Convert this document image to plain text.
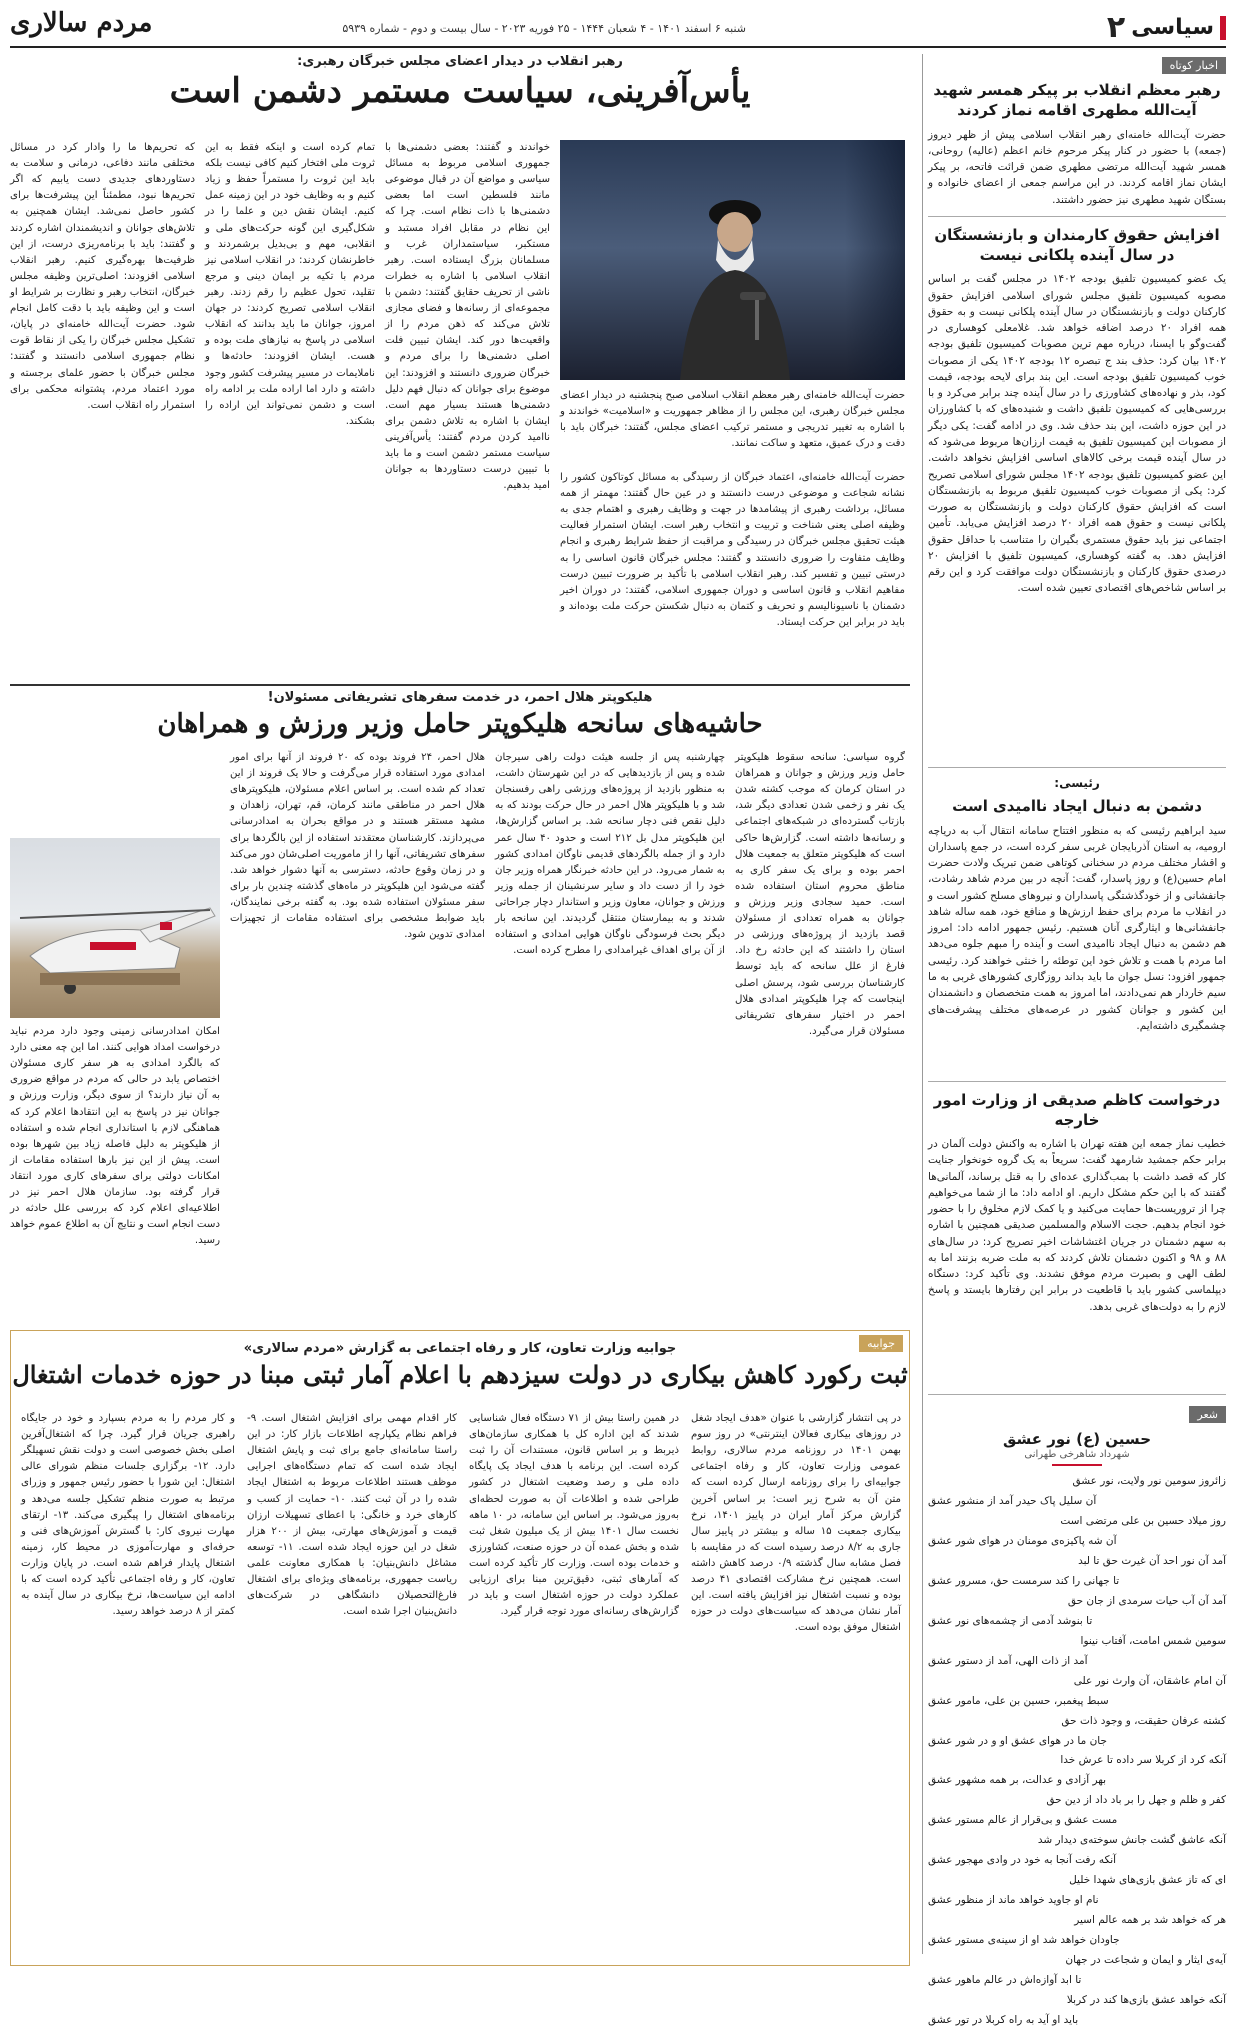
سیاسی
۲
شنبه ۶ اسفند ۱۴۰۱ - ۴ شعبان ۱۴۴۴ - ۲۵ فوریه ۲۰۲۳ - سال بیست و دوم - شماره ۵۹۳۹
مردم سالاری
اخبار کوتاه
رهبر معظم انقلاب بر پیکر همسر شهید آیت‌الله مطهری اقامه نماز کردند
حضرت آیت‌الله خامنه‌ای رهبر انقلاب اسلامی پیش از ظهر دیروز (جمعه) با حضور در کنار پیکر مرحوم خانم اعظم (عالیه) روحانی، همسر شهید آیت‌الله مرتضی مطهری ضمن قرائت فاتحه، بر پیکر ایشان نماز اقامه کردند. در این مراسم جمعی از اعضای خانواده و بستگان شهید مطهری نیز حضور داشتند.
افزایش حقوق کارمندان و بازنشستگان در سال آینده پلکانی نیست
یک عضو کمیسیون تلفیق بودجه ۱۴۰۲ در مجلس گفت بر اساس مصوبه کمیسیون تلفیق مجلس شورای اسلامی افزایش حقوق کارکنان دولت و بازنشستگان در سال آینده پلکانی نیست و به حقوق همه افراد ۲۰ درصد اضافه خواهد شد. غلامعلی کوهساری در گفت‌وگو با ایسنا، درباره مهم ترین مصوبات کمیسیون تلفیق بودجه ۱۴۰۲ بیان کرد: حذف بند ج تبصره ۱۲ بودجه ۱۴۰۲ یکی از مصوبات خوب کمیسیون تلفیق بودجه است. این بند برای لایحه بودجه، قیمت کود، بذر و نهاده‌های کشاورزی را در سال آینده چند برابر می‌کرد و با بررسی‌هایی که کمیسیون تلفیق داشت و شنیده‌های که با کشاورزان در این حوزه داشت، این بند حذف شد. وی در ادامه گفت: یکی دیگر از مصوبات این کمیسیون تلفیق به قیمت ارزان‌ها مربوط می‌شود که در سال آینده قیمت برخی کالاهای اساسی افزایش نخواهد داشت. این عضو کمیسیون تلفیق بودجه ۱۴۰۲ مجلس شورای اسلامی تصریح کرد: یکی از مصوبات خوب کمیسیون تلفیق مربوط به بازنشستگان است که افزایش حقوق کارکنان دولت و بازنشستگان به صورت پلکانی نیست و حقوق همه افراد ۲۰ درصد افزایش می‌یابد. تأمین اجتماعی نیز باید حقوق مستمری بگیران را متناسب با حداقل حقوق افزایش دهد. به گفته کوهساری، کمیسیون تلفیق با افزایش ۲۰ درصدی حقوق کارکنان و بازنشستگان دولت موافقت کرد و این رقم بر اساس شاخص‌های اقتصادی تعیین شده است.
رئیسی:
دشمن به دنبال ایجاد ناامیدی است
سید ابراهیم رئیسی که به منظور افتتاح سامانه انتقال آب به دریاچه ارومیه، به استان آذربایجان غربی سفر کرده است، در جمع پاسداران و اقشار مختلف مردم در سخنانی کوتاهی ضمن تبریک ولادت حضرت امام حسین(ع) و روز پاسدار، گفت: آنچه در بین مردم شاهد رشادت، جانفشانی و از خودگذشتگی پاسداران و نیروهای مسلح کشور است و در انقلاب ما مردم برای حفظ ارزش‌ها و منافع خود، همه ساله شاهد جانفشانی‌ها و ایثارگری آنان هستیم. رئیس جمهور ادامه داد: امروز هم دشمن به دنبال ایجاد ناامیدی است و آینده را مبهم جلوه می‌دهد اما مردم با همت و تلاش خود این توطئه را خنثی خواهند کرد. رئیسی جمهور افزود: نسل جوان ما باید بداند روزگاری کشورهای غربی به ما سیم خاردار هم نمی‌دادند، اما امروز به همت متخصصان و دانشمندان این کشور و جوانان کشور در عرصه‌های مختلف پیشرفت‌های چشمگیری داشته‌ایم.
درخواست کاظم صدیقی از وزارت امور خارجه
خطیب نماز جمعه این هفته تهران با اشاره به واکنش دولت آلمان در برابر حکم جمشید شارمهد گفت: سریعاً به یک گروه خونخوار جنایت کار که قصد داشت با بمب‌گذاری عده‌ای را به قتل برساند، آلمانی‌ها گفتند که با این حکم مشکل داریم. او ادامه داد: ما از شما می‌خواهیم چرا از تروریست‌ها حمایت می‌کنید و یا کمک لازم مخلوق را با حضور خود انجام بدهیم. حجت الاسلام والمسلمین صدیقی همچنین با اشاره به سهم دشمنان در جریان اغتشاشات اخیر تصریح کرد: در سال‌های ۸۸ و ۹۸ و اکنون دشمنان تلاش کردند که به ملت ضربه بزنند اما به لطف الهی و بصیرت مردم موفق نشدند. وی تأکید کرد: دستگاه دیپلماسی کشور باید با قاطعیت در برابر این رفتارها بایستد و پاسخ لازم را به دولت‌های غربی بدهد.
شعر
حسین (ع) نور عشق
شهرداد شاهرخی طهرانی
زائروز سومین نور ولایت، نور عشق
آن سلیل پاک حیدر آمد از منشور عشق
روز میلاد حسین بن علی مرتضی است
آن شه پاکیزه‌ی مومنان در هوای شور عشق
آمد آن نور احد آن غیرت حق تا لبد
تا جهانی را کند سرمست حق، مسرور عشق
آمد آن آب حیات سرمدی از جان حق
تا بنوشد آدمی از چشمه‌های نور عشق
سومین شمس امامت، آفتاب نینوا
آمد از ذات الهی، آمد از دستور عشق
آن امام عاشقان، آن وارث نور علی
سبط پیغمبر، حسین بن علی، مامور عشق
کشته عرفان حقیقت، و وجود ذات حق
جان ما در هوای عشق او و در شور عشق
آنکه کرد از کربلا سر داده تا عرش خدا
بهر آزادی و عدالت، بر همه مشهور عشق
کفر و ظلم و جهل را بر باد داد از دین حق
مست عشق و بی‌قرار از عالم مستور عشق
آنکه عاشق گشت جانش سوخته‌ی دیدار شد
آنکه رفت آنجا به خود در وادی مهجور عشق
ای که تاز عشق بازی‌های شهدا خلیل
نام او جاوید خواهد ماند از منظور عشق
هر که خواهد شد بر همه عالم اسیر
جاودان خواهد شد او از سینه‌ی مستور عشق
آیه‌ی ایثار و ایمان و شجاعت در جهان
تا ابد آوازه‌اش در عالم ماهور عشق
آنکه خواهد عشق بازی‌ها کند در کربلا
باید او آید به راه کربلا در تور عشق
رهبر انقلاب در دیدار اعضای مجلس خبرگان رهبری:
یأس‌آفرینی، سیاست مستمر دشمن است
حضرت آیت‌الله خامنه‌ای رهبر معظم انقلاب اسلامی صبح پنجشنبه در دیدار اعضای مجلس خبرگان رهبری، این مجلس را از مظاهر جمهوریت و «اسلامیت» خواندند و با اشاره به تغییر تدریجی و مستمر ترکیب اعضای مجلس، گفتند: خبرگان باید با دقت و درک عمیق، متعهد و ساکت نمانند.
خواندند و گفتند: بعضی دشمنی‌ها با جمهوری اسلامی مربوط به مسائل سیاسی و مواضع آن در قبال موضوعی مانند فلسطین است اما بعضی دشمنی‌ها با ذات نظام است. چرا که این نظام در مقابل افراد مستبد و مستکبر، سیاستمداران غرب و مسلمانان بزرگ ایستاده است. رهبر انقلاب اسلامی با اشاره به خطرات ناشی از تحریف حقایق گفتند: دشمن با مجموعه‌ای از رسانه‌ها و فضای مجازی تلاش می‌کند که ذهن مردم را از واقعیت‌ها دور کند. ایشان تبیین فلت اصلی دشمنی‌ها را برای مردم و خبرگان ضروری دانستند و افزودند: این موضوع برای جوانان که دنبال فهم دلیل دشمنی‌ها هستند بسیار مهم است. ایشان با اشاره به تلاش دشمن برای ناامید کردن مردم گفتند: یأس‌آفرینی سیاست مستمر دشمن است و ما باید با تبیین درست دستاوردها به جوانان امید بدهیم.
تمام کرده است و اینکه فقط به این ثروت ملی افتخار کنیم کافی نیست بلکه باید این ثروت را مستمراً حفظ و زیاد کنیم و به وظایف خود در این زمینه عمل کنیم. ایشان نقش دین و علما را در شکل‌گیری این گونه حرکت‌های ملی و انقلابی، مهم و بی‌بدیل برشمردند و خاطرنشان کردند: در انقلاب اسلامی نیز مردم با تکیه بر ایمان دینی و مرجع تقلید، تحول عظیم را رقم زدند. رهبر انقلاب اسلامی تصریح کردند: در جهان امروز، جوانان ما باید بدانند که انقلاب اسلامی در پاسخ به نیازهای ملت بوده و هست. ایشان افزودند: حادثه‌ها و ناملایمات در مسیر پیشرفت کشور وجود داشته و دارد اما اراده ملت بر ادامه راه است و دشمن نمی‌تواند این اراده را بشکند.
که تحریم‌ها ما را وادار کرد در مسائل مختلفی مانند دفاعی، درمانی و سلامت به دستاوردهای جدیدی دست یابیم که اگر تحریم‌ها نبود، مطمئناً این پیشرفت‌ها برای کشور حاصل نمی‌شد. ایشان همچنین به تلاش‌های جوانان و اندیشمندان اشاره کردند و گفتند: باید با برنامه‌ریزی درست، از این ظرفیت‌ها بهره‌گیری کنیم. رهبر انقلاب اسلامی افزودند: اصلی‌ترین وظیفه مجلس خبرگان، انتخاب رهبر و نظارت بر شرایط او است و این وظیفه باید با دقت کامل انجام شود. حضرت آیت‌الله خامنه‌ای در پایان، تشکیل مجلس خبرگان را یکی از نقاط قوت نظام جمهوری اسلامی دانستند و گفتند: مجلس خبرگان با حضور علمای برجسته و مورد اعتماد مردم، پشتوانه محکمی برای استمرار راه انقلاب است.
حضرت آیت‌الله خامنه‌ای، اعتماد خبرگان از رسیدگی به مسائل کوتاکون کشور را نشانه شجاعت و موضوعی درست دانستند و در عین حال گفتند: مهمتر از همه مسائل، برداشت رهبری از پیشامدها در جهت و وظایف رهبری و اهتمام جدی به وظیفه اصلی یعنی شناخت و تربیت و انتخاب رهبر است. ایشان استمرار فعالیت هیئت تحقیق مجلس خبرگان در رسیدگی و مراقبت از حفظ شرایط رهبری و انجام وظایف متفاوت را ضروری دانستند و گفتند: مجلس خبرگان قانون اساسی را به درستی تبیین و تفسیر کند. رهبر انقلاب اسلامی با تأکید بر ضرورت تبیین درست مفاهیم انقلاب و قانون اساسی و دوران جمهوری اسلامی، گفتند: در دوران اخیر دشمنان با ناسیونالیسم و تحریف و کتمان به دنبال شکستن حرکت ملت بوده‌اند و باید در برابر این حرکت ایستاد.
هلیکوپتر هلال احمر، در خدمت سفرهای تشریفاتی مسئولان!
حاشیه‌های سانحه هلیکوپتر حامل وزیر ورزش و همراهان
گروه سیاسی: سانحه سقوط هلیکوپتر حامل وزیر ورزش و جوانان و همراهان در استان کرمان که موجب کشته شدن یک نفر و زخمی شدن تعدادی دیگر شد، بازتاب گسترده‌ای در شبکه‌های اجتماعی و رسانه‌ها داشته است. گزارش‌ها حاکی است که هلیکوپتر متعلق به جمعیت هلال احمر بوده و برای یک سفر کاری به مناطق محروم استان استفاده شده است. حمید سجادی وزیر ورزش و جوانان به همراه تعدادی از مسئولان قصد بازدید از پروژه‌های ورزشی در استان را داشتند که این حادثه رخ داد. فارغ از علل سانحه که باید توسط کارشناسان بررسی شود، پرسش اصلی اینجاست که چرا هلیکوپتر امدادی هلال احمر در اختیار سفرهای تشریفاتی مسئولان قرار می‌گیرد.
چهارشنبه پس از جلسه هیئت دولت راهی سیرجان شده و پس از بازدیدهایی که در این شهرستان داشت، به منظور بازدید از پروژه‌های ورزشی راهی رفسنجان شد و با هلیکوپتر هلال احمر در حال حرکت بودند که به دلیل نقص فنی دچار سانحه شد. بر اساس گزارش‌ها، این هلیکوپتر مدل بل ۲۱۲ است و حدود ۴۰ سال عمر دارد و از جمله بالگردهای قدیمی ناوگان امدادی کشور به شمار می‌رود. در این حادثه خبرنگار همراه وزیر جان خود را از دست داد و سایر سرنشینان از جمله وزیر ورزش و جوانان، معاون وزیر و استاندار دچار جراحاتی شدند و به بیمارستان منتقل گردیدند. این سانحه بار دیگر بحث فرسودگی ناوگان هوایی امدادی و استفاده از آن برای اهداف غیرامدادی را مطرح کرده است.
هلال احمر، ۲۴ فروند بوده که ۲۰ فروند از آنها برای امور امدادی مورد استفاده قرار می‌گرفت و حالا یک فروند از این تعداد کم شده است. بر اساس اعلام مسئولان، هلیکوپترهای هلال احمر در مناطقی مانند کرمان، قم، تهران، زاهدان و مشهد مستقر هستند و در مواقع بحران به امدادرسانی می‌پردازند. کارشناسان معتقدند استفاده از این بالگردها برای سفرهای تشریفاتی، آنها را از ماموریت اصلی‌شان دور می‌کند و در زمان وقوع حادثه، دسترسی به آنها دشوار خواهد شد. گفته می‌شود این هلیکوپتر در ماه‌های گذشته چندین بار برای سفر مسئولان استفاده شده بود. به گفته برخی نمایندگان، باید ضوابط مشخصی برای استفاده مقامات از تجهیزات امدادی تدوین شود.
امکان امدادرسانی زمینی وجود دارد مردم نباید درخواست امداد هوایی کنند. اما این چه معنی دارد که بالگرد امدادی به هر سفر کاری مسئولان اختصاص یابد در حالی که مردم در مواقع ضروری به آن نیاز دارند؟ از سوی دیگر، وزارت ورزش و جوانان نیز در پاسخ به این انتقادها اعلام کرد که هماهنگی لازم با استانداری انجام شده و استفاده از هلیکوپتر به دلیل فاصله زیاد بین شهرها بوده است. پیش از این نیز بارها استفاده مقامات از امکانات دولتی برای سفرهای کاری مورد انتقاد قرار گرفته بود. سازمان هلال احمر نیز در اطلاعیه‌ای اعلام کرد که بررسی علل حادثه در دست انجام است و نتایج آن به اطلاع عموم خواهد رسید.
جوابیه
جوابیه وزارت تعاون، کار و رفاه اجتماعی به گزارش «مردم سالاری»
ثبت رکورد کاهش بیکاری در دولت سیزدهم با اعلام آمار ثبتی مبنا در حوزه خدمات اشتغال
در پی انتشار گزارشی با عنوان «هدف ایجاد شغل در روزهای بیکاری فعالان اینترنتی» در روز سوم بهمن ۱۴۰۱ در روزنامه مردم سالاری، روابط عمومی وزارت تعاون، کار و رفاه اجتماعی جوابیه‌ای را برای روزنامه ارسال کرده است که متن آن به شرح زیر است: بر اساس آخرین گزارش مرکز آمار ایران در پاییز ۱۴۰۱، نرخ بیکاری جمعیت ۱۵ ساله و بیشتر در پاییز سال جاری به ۸/۲ درصد رسیده است که در مقایسه با فصل مشابه سال گذشته ۰/۹ درصد کاهش داشته است. همچنین نرخ مشارکت اقتصادی ۴۱ درصد بوده و نسبت اشتغال نیز افزایش یافته است. این آمار نشان می‌دهد که سیاست‌های دولت در حوزه اشتغال موفق بوده است.
در همین راستا بیش از ۷۱ دستگاه فعال شناسایی شدند که این اداره کل با همکاری سازمان‌های ذیربط و بر اساس قانون، مستندات آن را ثبت کرده است. این برنامه با هدف ایجاد یک پایگاه داده ملی و رصد وضعیت اشتغال در کشور طراحی شده و اطلاعات آن به صورت لحظه‌ای به‌روز می‌شود. بر اساس این سامانه، در ۱۰ ماهه نخست سال ۱۴۰۱ بیش از یک میلیون شغل ثبت شده و بخش عمده آن در حوزه صنعت، کشاورزی و خدمات بوده است. وزارت کار تأکید کرده است که آمارهای ثبتی، دقیق‌ترین مبنا برای ارزیابی عملکرد دولت در حوزه اشتغال است و باید در گزارش‌های رسانه‌ای مورد توجه قرار گیرد.
کار اقدام مهمی برای افزایش اشتغال است. ۹- فراهم نظام یکپارچه اطلاعات بازار کار: در این راستا سامانه‌ای جامع برای ثبت و پایش اشتغال ایجاد شده است که تمام دستگاه‌های اجرایی موظف هستند اطلاعات مربوط به اشتغال ایجاد شده را در آن ثبت کنند. ۱۰- حمایت از کسب و کارهای خرد و خانگی: با اعطای تسهیلات ارزان قیمت و آموزش‌های مهارتی، بیش از ۲۰۰ هزار شغل در این حوزه ایجاد شده است. ۱۱- توسعه مشاغل دانش‌بنیان: با همکاری معاونت علمی ریاست جمهوری، برنامه‌های ویژه‌ای برای اشتغال فارغ‌التحصیلان دانشگاهی در شرکت‌های دانش‌بنیان اجرا شده است.
و کار مردم را به مردم بسپارد و خود در جایگاه راهبری جریان قرار گیرد. چرا که اشتغال‌آفرین اصلی بخش خصوصی است و دولت نقش تسهیلگر دارد. ۱۲- برگزاری جلسات منظم شورای عالی اشتغال: این شورا با حضور رئیس جمهور و وزرای مرتبط به صورت منظم تشکیل جلسه می‌دهد و برنامه‌های اشتغال را پیگیری می‌کند. ۱۳- ارتقای مهارت نیروی کار: با گسترش آموزش‌های فنی و حرفه‌ای و مهارت‌آموزی در محیط کار، زمینه اشتغال پایدار فراهم شده است. در پایان وزارت تعاون، کار و رفاه اجتماعی تأکید کرده است که با ادامه این سیاست‌ها، نرخ بیکاری در سال آینده به کمتر از ۸ درصد خواهد رسید.
